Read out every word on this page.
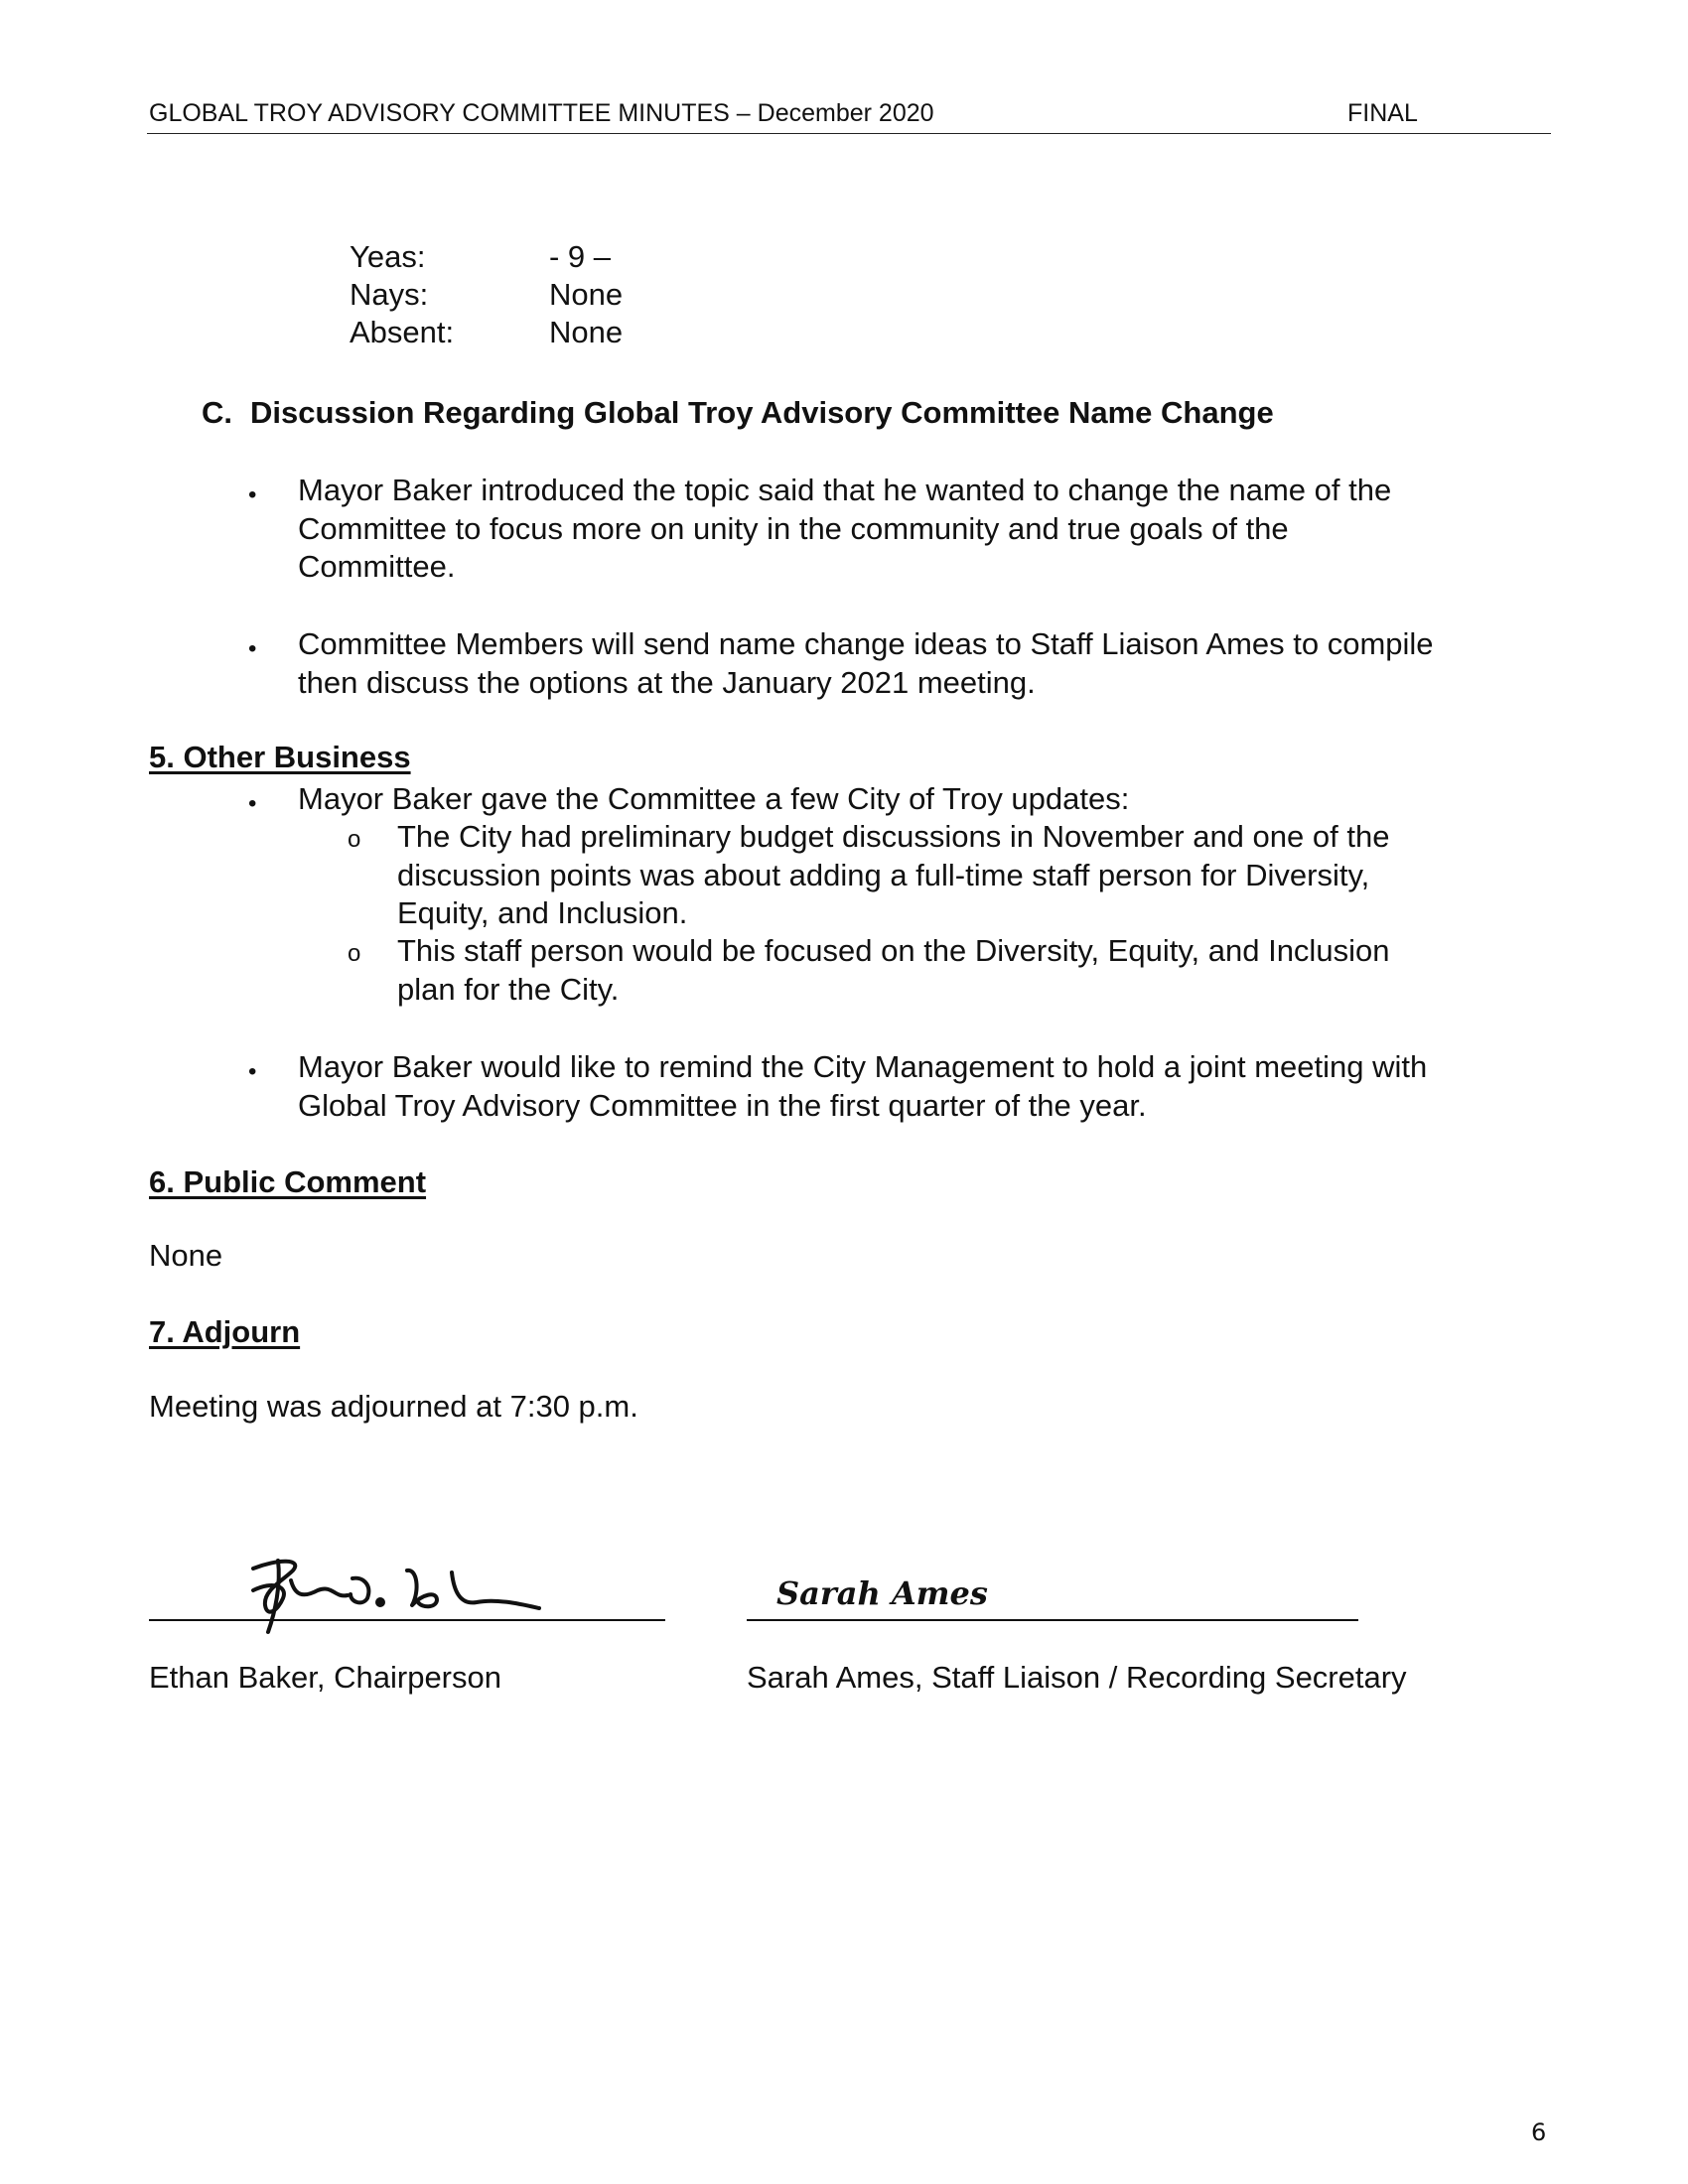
GLOBAL TROY ADVISORY COMMITTEE MINUTES – December 2020	FINAL
Yeas:	- 9 –
Nays:	None
Absent:	None
C. Discussion Regarding Global Troy Advisory Committee Name Change
• Mayor Baker introduced the topic said that he wanted to change the name of the
Committee to focus more on unity in the community and true goals of the
Committee.
• Committee Members will send name change ideas to Staff Liaison Ames to compile
then discuss the options at the January 2021 meeting.
5. Other Business
• Mayor Baker gave the Committee a few City of Troy updates:
o The City had preliminary budget discussions in November and one of the
discussion points was about adding a full-time staff person for Diversity,
Equity, and Inclusion.
o This staff person would be focused on the Diversity, Equity, and Inclusion
plan for the City.
• Mayor Baker would like to remind the City Management to hold a joint meeting with
Global Troy Advisory Committee in the first quarter of the year.
6. Public Comment
None
7. Adjourn
Meeting was adjourned at 7:30 p.m.
Ethan Baker, Chairperson
Sarah Ames
Sarah Ames, Staff Liaison / Recording Secretary
6
